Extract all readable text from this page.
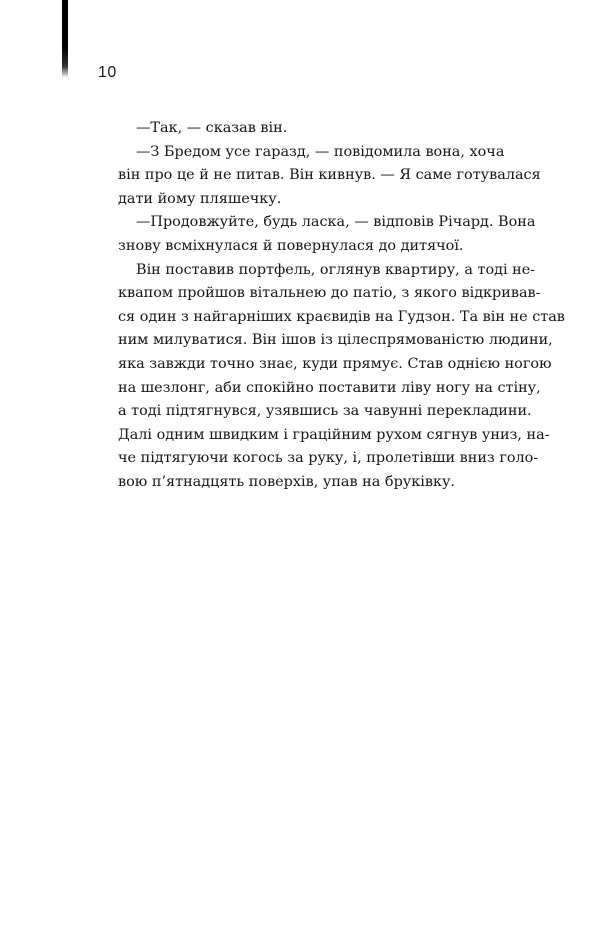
10

—Так, — сказав він.

—З Бредом усе гаразд, — повідомила вона, хоча
він про це й не питав. Він кивнув. — Я саме готувалася
дати йому пляшечку.

—Продовжуйте, будь ласка, — відповів Річард. Вона
знову всміхнулася й повернулася до дитячої.

Він поставив портфель, оглянув квартиру, а тоді не-
квапом пройшов вітальнею до патіо, з якого відкривав-
ся один з найгарніших краєвидів на Гудзон. Та він не став
ним милуватися. Він ішов із цілеспрямованістю людини,
яка завжди точно знає, куди прямує. Став однією ногою
на шезлонг, аби спокійно поставити ліву ногу на стіну,
а тоді підтягнувся, узявшись за чавунні перекладини.
Далі одним швидким і граційним рухом сягнув униз, на-
че підтягуючи когось за руку, і, пролетівши вниз голо-
вою п’ятнадцять поверхів, упав на бруківку.
